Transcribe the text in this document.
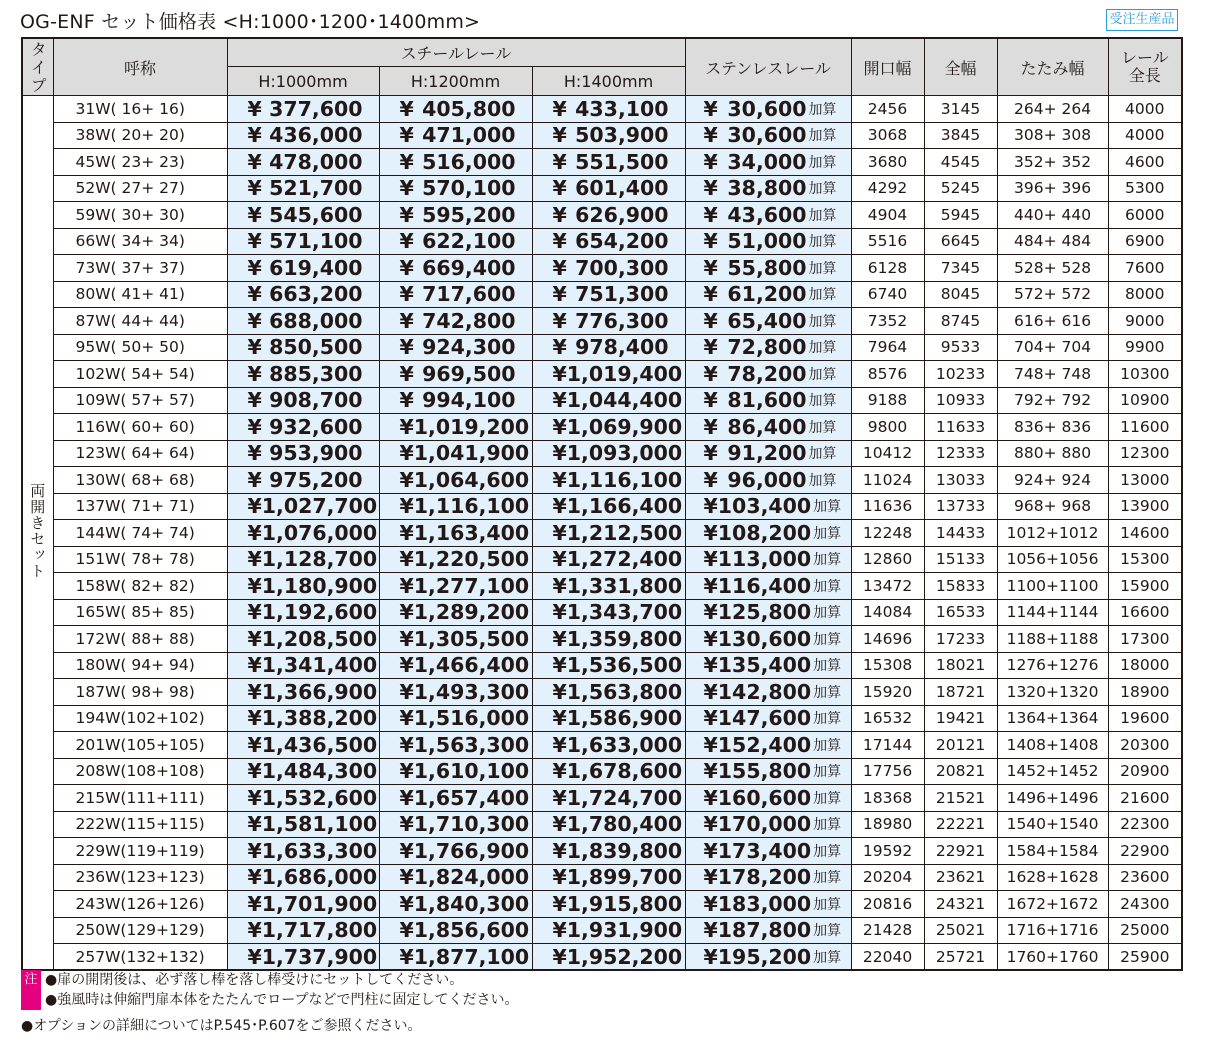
OG-ENF セット価格表 <H:1000･1200･1400mm>	受注生産品
タイプ	呼称	スチールレール			ステンレスレール	開口幅	全幅	たたみ幅	レール
全長
		H:1000mm	H:1200mm	H:1400mm					
両開きセット	31W( 16+ 16)	¥ 377,600	¥ 405,800	¥ 433,100	¥ 30,600 加算	2456	3145	264+ 264	4000
	38W( 20+ 20)	¥ 436,000	¥ 471,000	¥ 503,900	¥ 30,600 加算	3068	3845	308+ 308	4000
	45W( 23+ 23)	¥ 478,000	¥ 516,000	¥ 551,500	¥ 34,000 加算	3680	4545	352+ 352	4600
	52W( 27+ 27)	¥ 521,700	¥ 570,100	¥ 601,400	¥ 38,800 加算	4292	5245	396+ 396	5300
	59W( 30+ 30)	¥ 545,600	¥ 595,200	¥ 626,900	¥ 43,600 加算	4904	5945	440+ 440	6000
	66W( 34+ 34)	¥ 571,100	¥ 622,100	¥ 654,200	¥ 51,000 加算	5516	6645	484+ 484	6900
	73W( 37+ 37)	¥ 619,400	¥ 669,400	¥ 700,300	¥ 55,800 加算	6128	7345	528+ 528	7600
	80W( 41+ 41)	¥ 663,200	¥ 717,600	¥ 751,300	¥ 61,200 加算	6740	8045	572+ 572	8000
	87W( 44+ 44)	¥ 688,000	¥ 742,800	¥ 776,300	¥ 65,400 加算	7352	8745	616+ 616	9000
	95W( 50+ 50)	¥ 850,500	¥ 924,300	¥ 978,400	¥ 72,800 加算	7964	9533	704+ 704	9900
	102W( 54+ 54)	¥ 885,300	¥ 969,500	¥ 1,019,400	¥ 78,200 加算	8576	10233	748+ 748	10300
	109W( 57+ 57)	¥ 908,700	¥ 994,100	¥ 1,044,400	¥ 81,600 加算	9188	10933	792+ 792	10900
	116W( 60+ 60)	¥ 932,600	¥ 1,019,200	¥ 1,069,900	¥ 86,400 加算	9800	11633	836+ 836	11600
	123W( 64+ 64)	¥ 953,900	¥ 1,041,900	¥ 1,093,000	¥ 91,200 加算	10412	12333	880+ 880	12300
	130W( 68+ 68)	¥ 975,200	¥ 1,064,600	¥ 1,116,100	¥ 96,000 加算	11024	13033	924+ 924	13000
	137W( 71+ 71)	¥ 1,027,700	¥ 1,116,100	¥ 1,166,400	¥ 103,400 加算	11636	13733	968+ 968	13900
	144W( 74+ 74)	¥ 1,076,000	¥ 1,163,400	¥ 1,212,500	¥ 108,200 加算	12248	14433	1012+1012	14600
	151W( 78+ 78)	¥ 1,128,700	¥ 1,220,500	¥ 1,272,400	¥ 113,000 加算	12860	15133	1056+1056	15300
	158W( 82+ 82)	¥ 1,180,900	¥ 1,277,100	¥ 1,331,800	¥ 116,400 加算	13472	15833	1100+1100	15900
	165W( 85+ 85)	¥ 1,192,600	¥ 1,289,200	¥ 1,343,700	¥ 125,800 加算	14084	16533	1144+1144	16600
	172W( 88+ 88)	¥ 1,208,500	¥ 1,305,500	¥ 1,359,800	¥ 130,600 加算	14696	17233	1188+1188	17300
	180W( 94+ 94)	¥ 1,341,400	¥ 1,466,400	¥ 1,536,500	¥ 135,400 加算	15308	18021	1276+1276	18000
	187W( 98+ 98)	¥ 1,366,900	¥ 1,493,300	¥ 1,563,800	¥ 142,800 加算	15920	18721	1320+1320	18900
	194W(102+102)	¥ 1,388,200	¥ 1,516,000	¥ 1,586,900	¥ 147,600 加算	16532	19421	1364+1364	19600
	201W(105+105)	¥ 1,436,500	¥ 1,563,300	¥ 1,633,000	¥ 152,400 加算	17144	20121	1408+1408	20300
	208W(108+108)	¥ 1,484,300	¥ 1,610,100	¥ 1,678,600	¥ 155,800 加算	17756	20821	1452+1452	20900
	215W(111+111)	¥ 1,532,600	¥ 1,657,400	¥ 1,724,700	¥ 160,600 加算	18368	21521	1496+1496	21600
	222W(115+115)	¥ 1,581,100	¥ 1,710,300	¥ 1,780,400	¥ 170,000 加算	18980	22221	1540+1540	22300
	229W(119+119)	¥ 1,633,300	¥ 1,766,900	¥ 1,839,800	¥ 173,400 加算	19592	22921	1584+1584	22900
	236W(123+123)	¥ 1,686,000	¥ 1,824,000	¥ 1,899,700	¥ 178,200 加算	20204	23621	1628+1628	23600
	243W(126+126)	¥ 1,701,900	¥ 1,840,300	¥ 1,915,800	¥ 183,000 加算	20816	24321	1672+1672	24300
	250W(129+129)	¥ 1,717,800	¥ 1,856,600	¥ 1,931,900	¥ 187,800 加算	21428	25021	1716+1716	25000
	257W(132+132)	¥ 1,737,900	¥ 1,877,100	¥ 1,952,200	¥ 195,200 加算	22040	25721	1760+1760	25900
注 ●扉の開閉後は、必ず落し棒を落し棒受けにセットしてください。
●強風時は伸縮門扉本体をたたんでロープなどで門柱に固定してください。
●オプションの詳細についてはP.545･P.607をご参照ください。
